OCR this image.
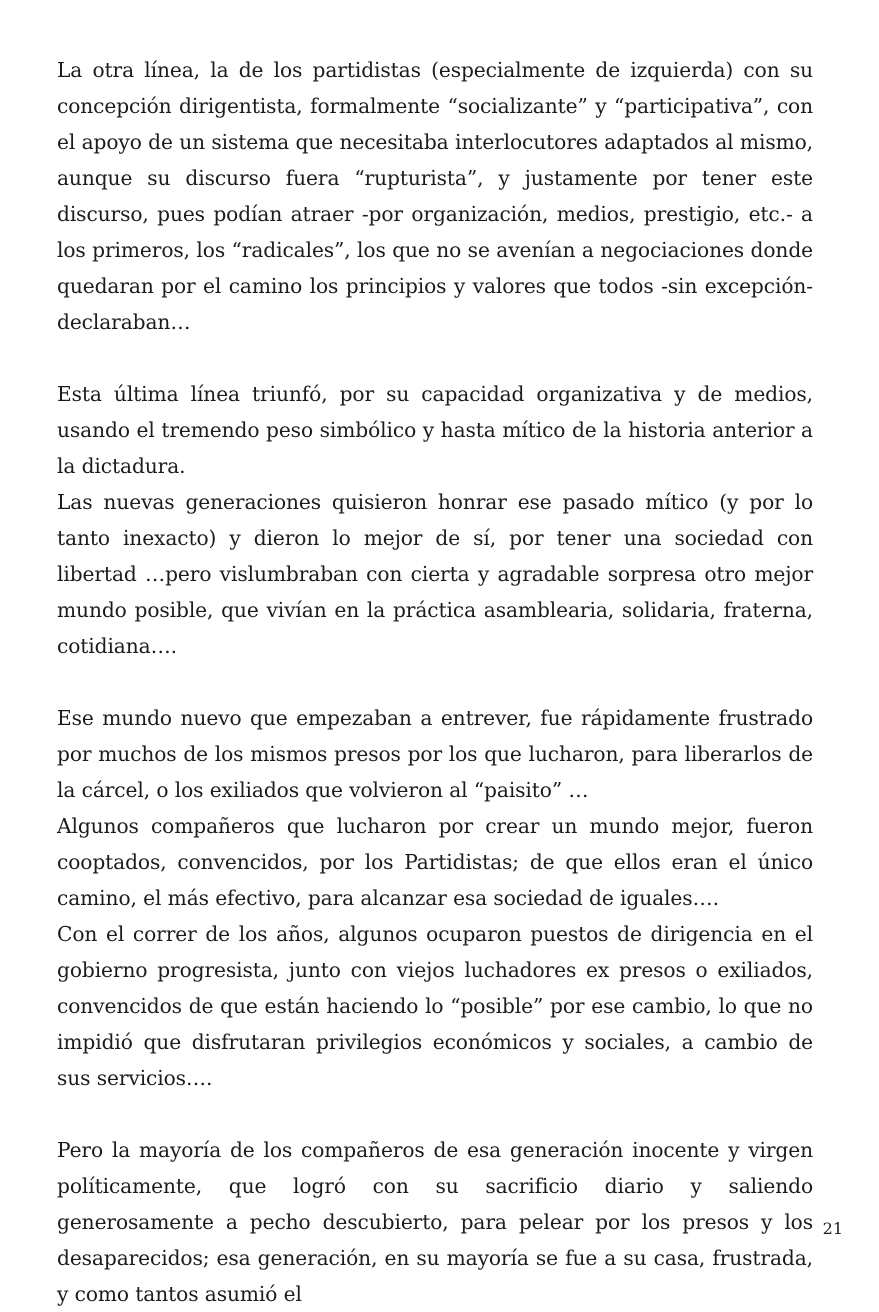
La otra línea, la de los partidistas (especialmente de izquierda) con su concepción dirigentista, formalmente “socializante” y “participativa”, con el apoyo de un sistema que necesitaba interlocutores adaptados al mismo, aunque su discurso fuera “rupturista”, y justamente por tener este discurso, pues podían atraer -por organización, medios, prestigio, etc.- a los primeros, los “radicales”, los que no se avenían a negociaciones donde quedaran por el camino los principios y valores que todos -sin excepción- declaraban…

Esta última línea triunfó, por su capacidad organizativa y de medios, usando el tremendo peso simbólico y hasta mítico de la historia anterior a la dictadura.

Las nuevas generaciones quisieron honrar ese pasado mítico (y por lo tanto inexacto) y dieron lo mejor de sí, por tener una sociedad con libertad …pero vislumbraban con cierta y agradable sorpresa otro mejor mundo posible, que vivían en la práctica asamblearia, solidaria, fraterna, cotidiana….

Ese mundo nuevo que empezaban a entrever, fue rápidamente frustrado por muchos de los mismos presos por los que lucharon, para liberarlos de la cárcel, o los exiliados que volvieron al “paisito” …

Algunos compañeros que lucharon por crear un mundo mejor, fueron cooptados, convencidos, por los Partidistas; de que ellos eran el único camino, el más efectivo, para alcanzar esa sociedad de iguales….

Con el correr de los años, algunos ocuparon puestos de dirigencia en el gobierno progresista, junto con viejos luchadores ex presos o exiliados, convencidos de que están haciendo lo “posible” por ese cambio, lo que no impidió que disfrutaran privilegios económicos y sociales, a cambio de sus servicios….

Pero la mayoría de los compañeros de esa generación inocente y virgen políticamente, que logró con su sacrificio diario y saliendo generosamente a pecho descubierto, para pelear por los presos y los desaparecidos; esa generación, en su mayoría se fue a su casa, frustrada, y como tantos asumió el

21
